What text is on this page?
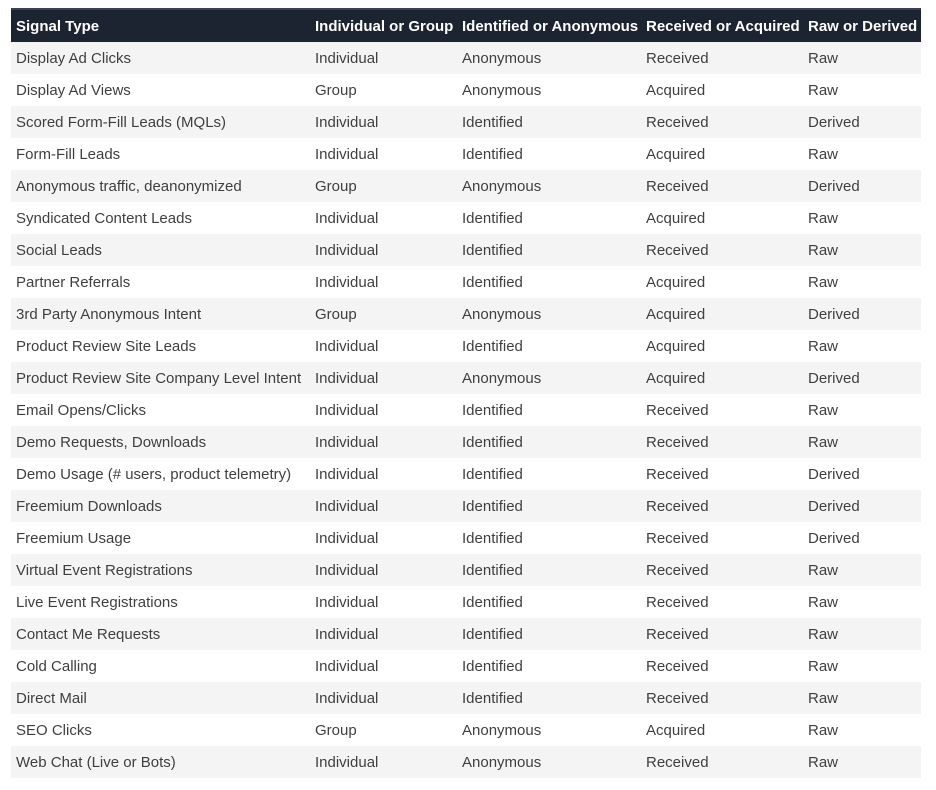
Signal Type	Individual or Group	Identified or Anonymous	Received or Acquired	Raw or Derived
Display Ad Clicks	Individual	Anonymous	Received	Raw
Display Ad Views	Group	Anonymous	Acquired	Raw
Scored Form-Fill Leads (MQLs)	Individual	Identified	Received	Derived
Form-Fill Leads	Individual	Identified	Acquired	Raw
Anonymous traffic, deanonymized	Group	Anonymous	Received	Derived
Syndicated Content Leads	Individual	Identified	Acquired	Raw
Social Leads	Individual	Identified	Received	Raw
Partner Referrals	Individual	Identified	Acquired	Raw
3rd Party Anonymous Intent	Group	Anonymous	Acquired	Derived
Product Review Site Leads	Individual	Identified	Acquired	Raw
Product Review Site Company Level Intent	Individual	Anonymous	Acquired	Derived
Email Opens/Clicks	Individual	Identified	Received	Raw
Demo Requests, Downloads	Individual	Identified	Received	Raw
Demo Usage (# users, product telemetry)	Individual	Identified	Received	Derived
Freemium Downloads	Individual	Identified	Received	Derived
Freemium Usage	Individual	Identified	Received	Derived
Virtual Event Registrations	Individual	Identified	Received	Raw
Live Event Registrations	Individual	Identified	Received	Raw
Contact Me Requests	Individual	Identified	Received	Raw
Cold Calling	Individual	Identified	Received	Raw
Direct Mail	Individual	Identified	Received	Raw
SEO Clicks	Group	Anonymous	Acquired	Raw
Web Chat (Live or Bots)	Individual	Anonymous	Received	Raw
